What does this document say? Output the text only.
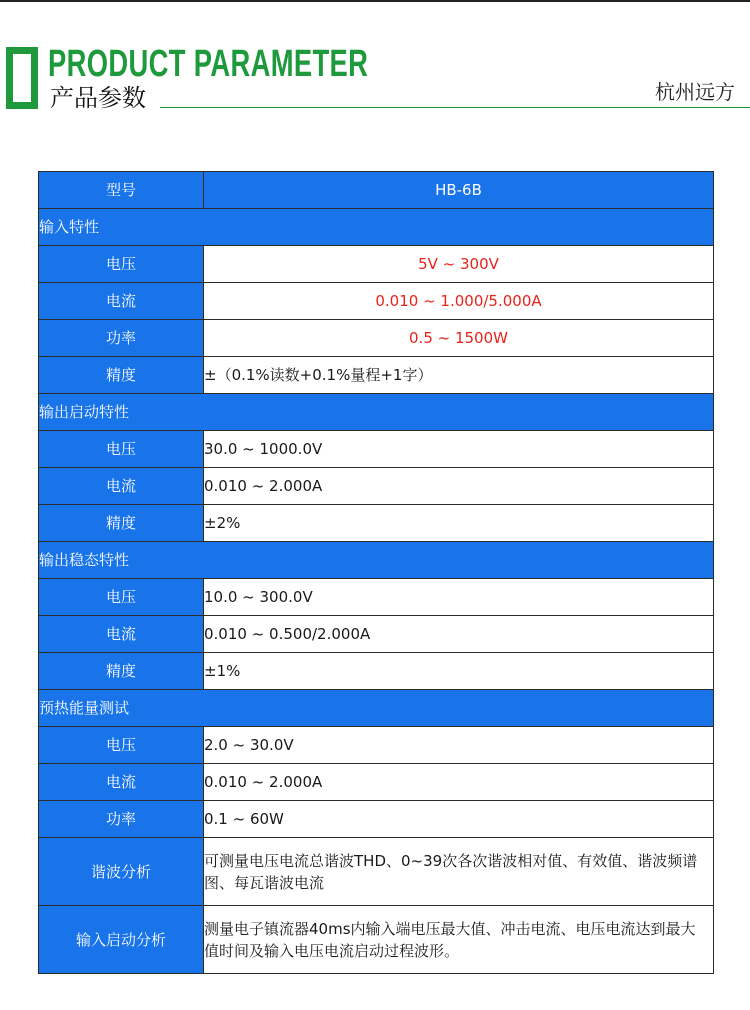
PRODUCT PARAMETER
产品参数	杭州远方
型号	HB-6B
输入特性	
电压	5V ~ 300V
电流	0.010 ~ 1.000/5.000A
功率	0.5 ~ 1500W
精度	±（0.1%读数+0.1%量程+1字）
输出启动特性	
电压	30.0 ~ 1000.0V
电流	0.010 ~ 2.000A
精度	±2%
输出稳态特性	
电压	10.0 ~ 300.0V
电流	0.010 ~ 0.500/2.000A
精度	±1%
预热能量测试	
电压	2.0 ~ 30.0V
电流	0.010 ~ 2.000A
功率	0.1 ~ 60W
谐波分析	可测量电压电流总谐波THD、0~39次各次谐波相对值、有效值、谐波频谱图、每瓦谐波电流
输入启动分析	测量电子镇流器40ms内输入端电压最大值、冲击电流、电压电流达到最大值时间及输入电压电流启动过程波形。
